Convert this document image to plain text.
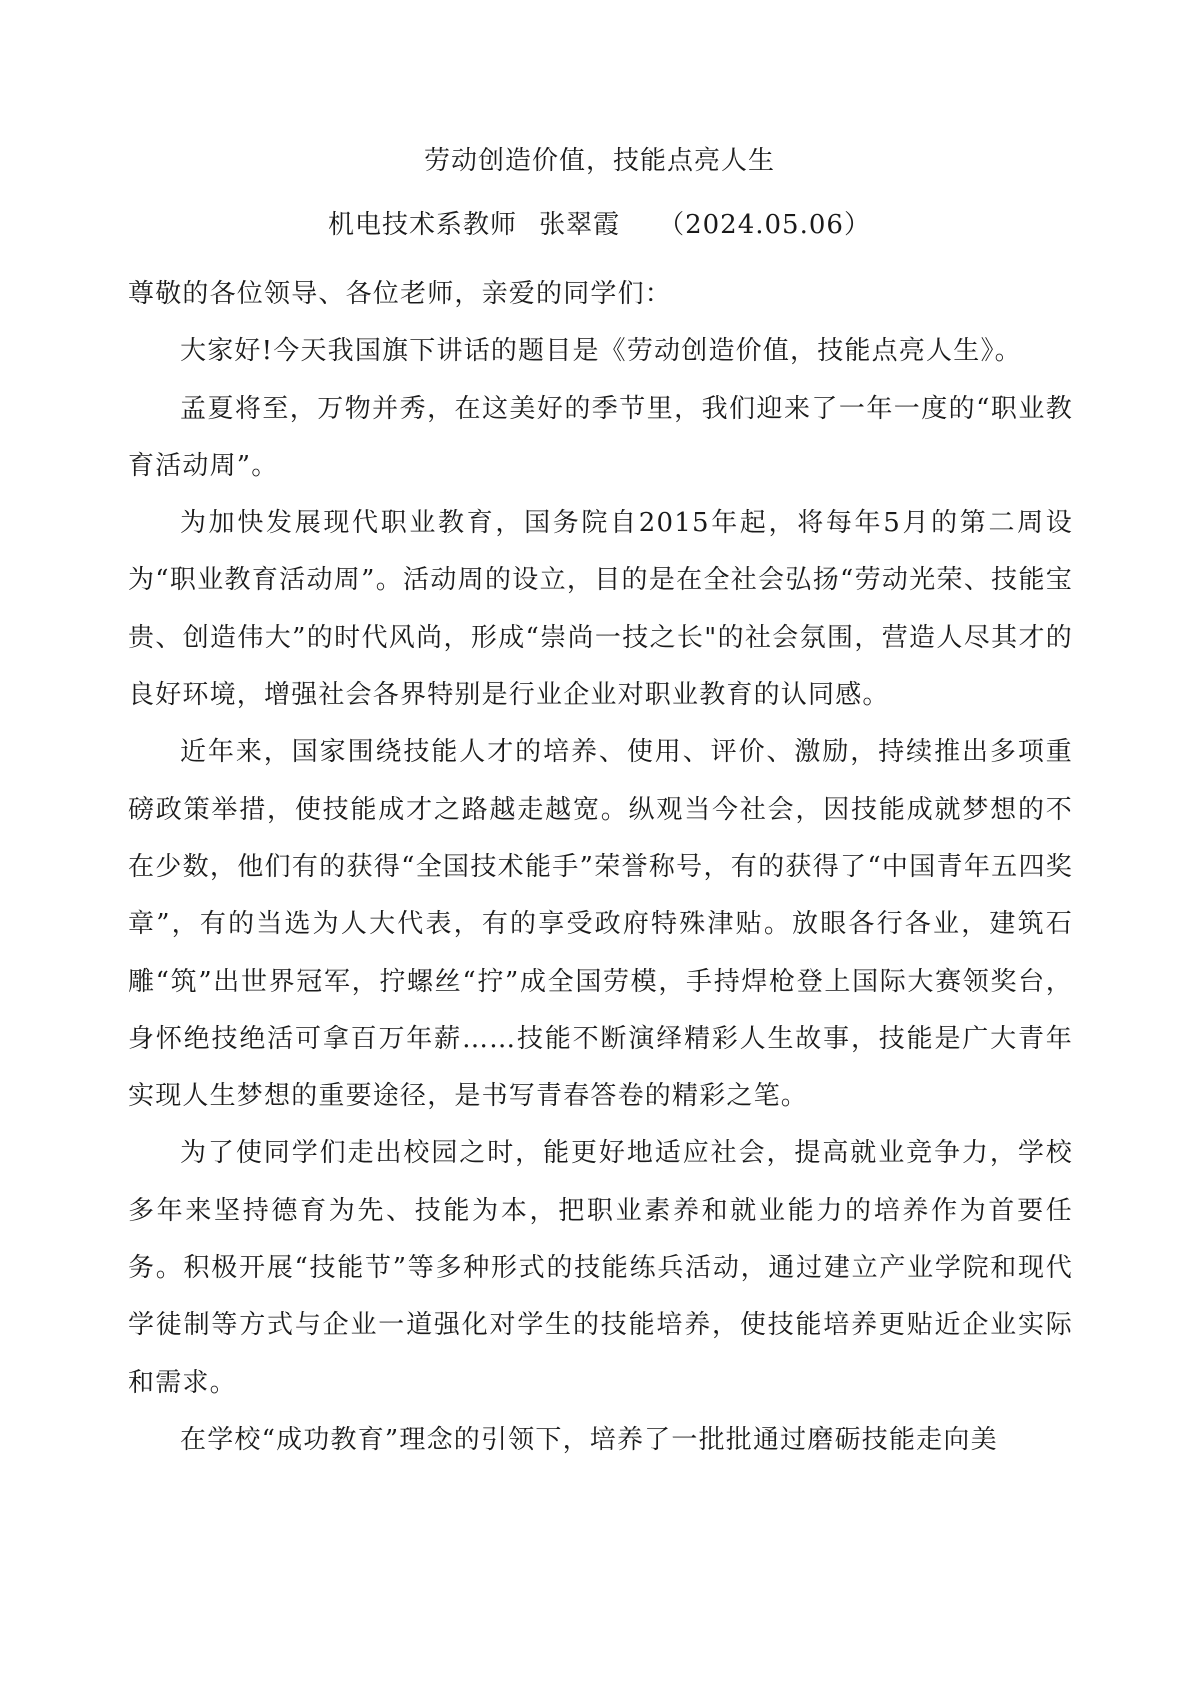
劳动创造价值，技能点亮人生
机电技术系教师 张翠霞 （2024.05.06）

尊敬的各位领导、各位老师，亲爱的同学们：

大家好!今天我国旗下讲话的题目是《劳动创造价值，技能点亮人生》。

孟夏将至，万物并秀，在这美好的季节里，我们迎来了一年一度的“职业教育活动周”。

为加快发展现代职业教育，国务院自2015年起，将每年5月的第二周设为“职业教育活动周”。活动周的设立，目的是在全社会弘扬“劳动光荣、技能宝贵、创造伟大”的时代风尚，形成“崇尚一技之长"的社会氛围，营造人尽其才的良好环境，增强社会各界特别是行业企业对职业教育的认同感。

近年来，国家围绕技能人才的培养、使用、评价、激励，持续推出多项重磅政策举措，使技能成才之路越走越宽。纵观当今社会，因技能成就梦想的不在少数，他们有的获得“全国技术能手”荣誉称号，有的获得了“中国青年五四奖章”，有的当选为人大代表，有的享受政府特殊津贴。放眼各行各业，建筑石雕“筑”出世界冠军，拧螺丝“拧”成全国劳模，手持焊枪登上国际大赛领奖台，身怀绝技绝活可拿百万年薪……技能不断演绎精彩人生故事，技能是广大青年实现人生梦想的重要途径，是书写青春答卷的精彩之笔。

为了使同学们走出校园之时，能更好地适应社会，提高就业竞争力，学校多年来坚持德育为先、技能为本，把职业素养和就业能力的培养作为首要任务。积极开展“技能节”等多种形式的技能练兵活动，通过建立产业学院和现代学徒制等方式与企业一道强化对学生的技能培养，使技能培养更贴近企业实际和需求。

在学校“成功教育”理念的引领下，培养了一批批通过磨砺技能走向美
